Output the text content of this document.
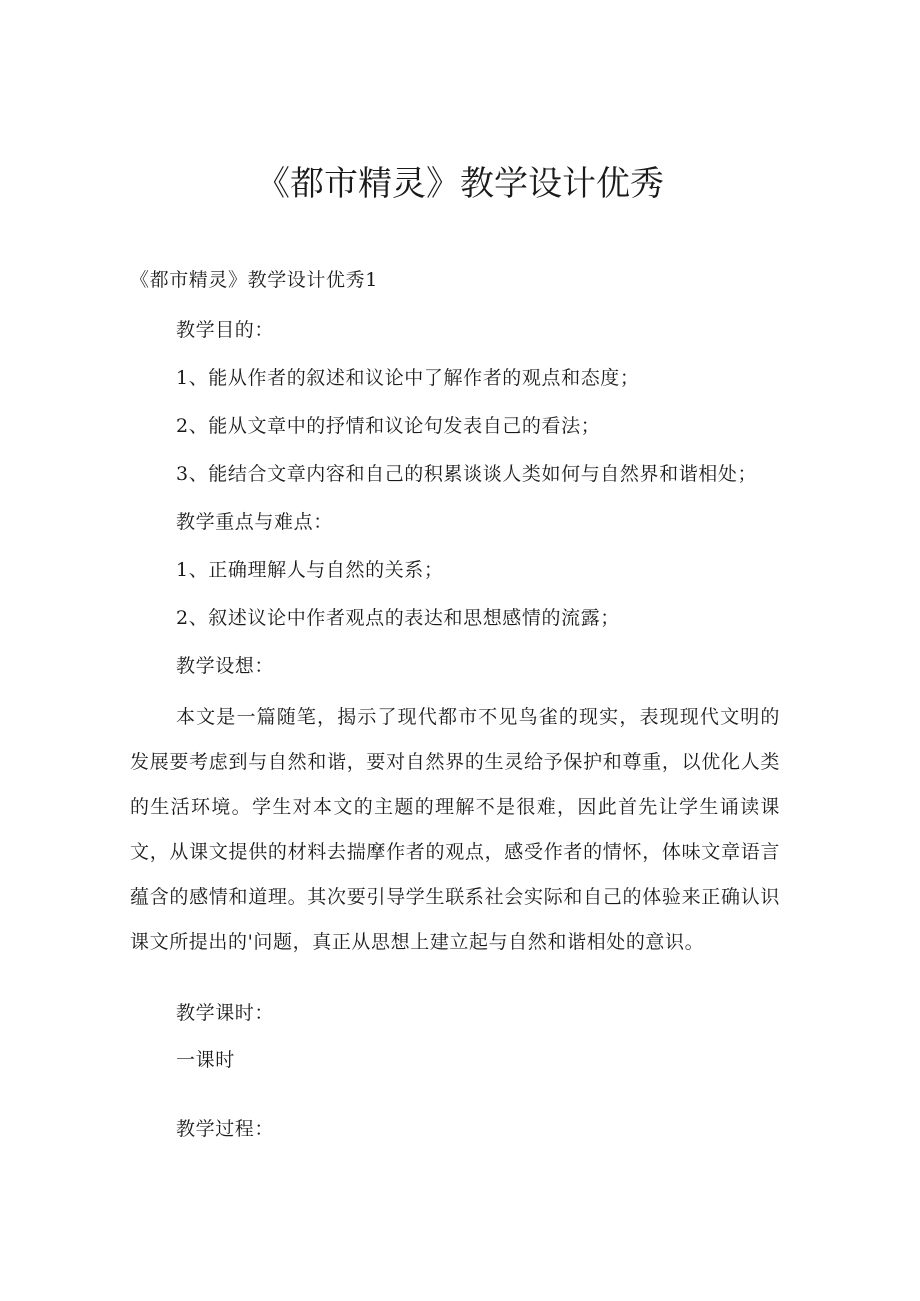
《都市精灵》教学设计优秀
《都市精灵》教学设计优秀1
教学目的：
1、能从作者的叙述和议论中了解作者的观点和态度；
2、能从文章中的抒情和议论句发表自己的看法；
3、能结合文章内容和自己的积累谈谈人类如何与自然界和谐相处；
教学重点与难点：
1、正确理解人与自然的关系；
2、叙述议论中作者观点的表达和思想感情的流露；
教学设想：

本文是一篇随笔，揭示了现代都市不见鸟雀的现实，表现现代文明的发展要考虑到与自然和谐，要对自然界的生灵给予保护和尊重，以优化人类的生活环境。学生对本文的主题的理解不是很难，因此首先让学生诵读课文，从课文提供的材料去揣摩作者的观点，感受作者的情怀，体味文章语言蕴含的感情和道理。其次要引导学生联系社会实际和自己的体验来正确认识课文所提出的'问题，真正从思想上建立起与自然和谐相处的意识。

教学课时：
一课时
教学过程：
